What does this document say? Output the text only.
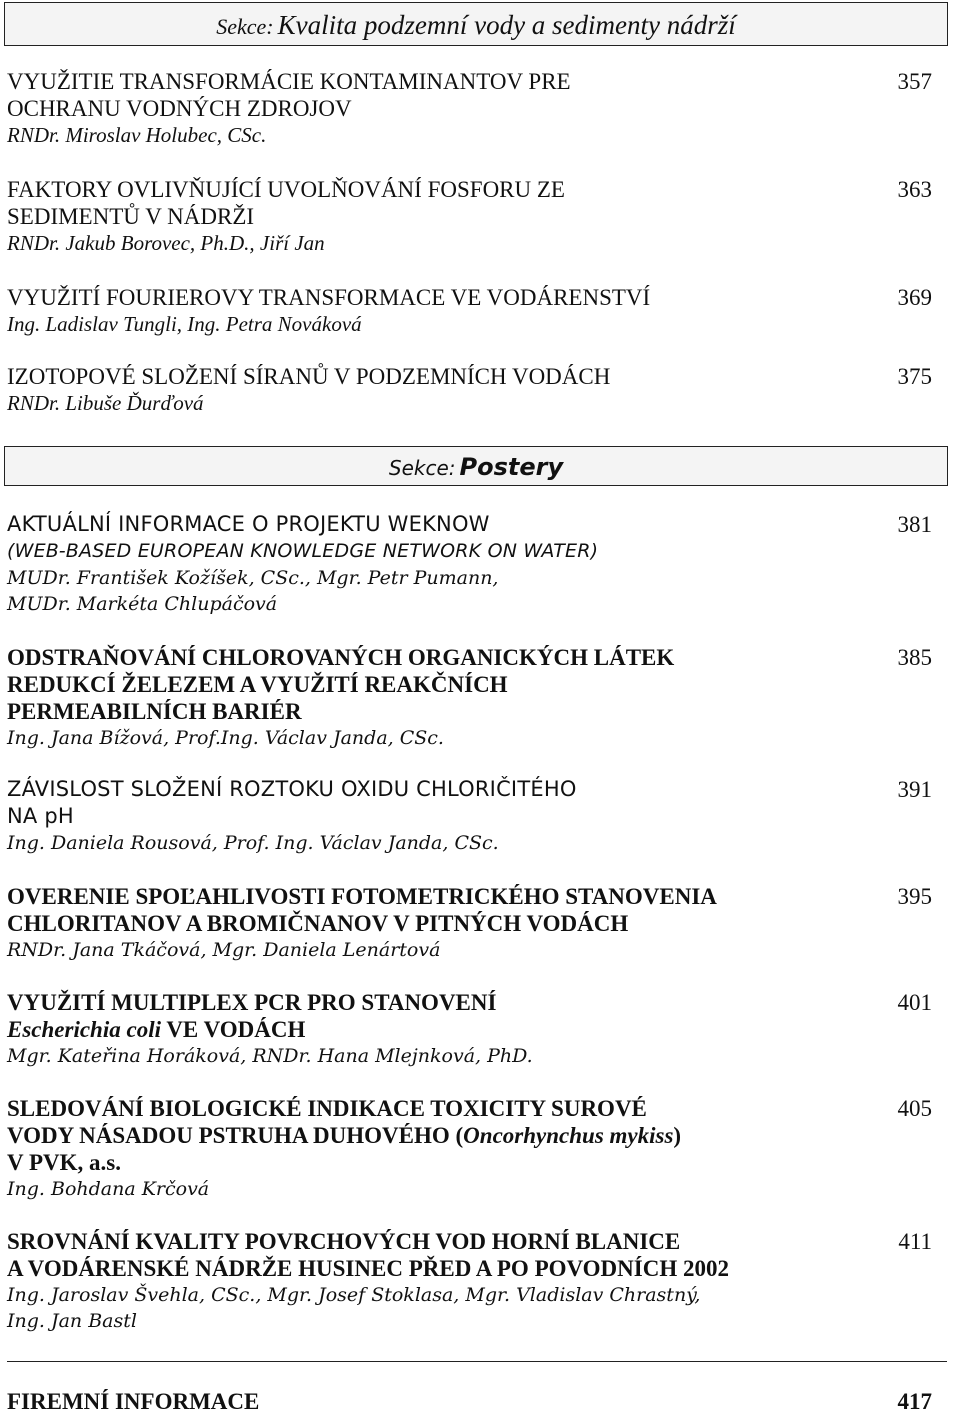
Sekce: Kvalita podzemní vody a sedimenty nádrží
VYUŽITIE TRANSFORMÁCIE KONTAMINANTOV PRE
OCHRANU VODNÝCH ZDROJOV
RNDr. Miroslav Holubec, CSc.
357
FAKTORY OVLIVŇUJÍCÍ UVOLŇOVÁNÍ FOSFORU ZE
SEDIMENTŮ V NÁDRŽI
RNDr. Jakub Borovec, Ph.D., Jiří Jan
363
VYUŽITÍ FOURIEROVY TRANSFORMACE VE VODÁRENSTVÍ
Ing. Ladislav Tungli, Ing. Petra Nováková
369
IZOTOPOVÉ SLOŽENÍ SÍRANŮ V PODZEMNÍCH VODÁCH
RNDr. Libuše Ďurďová
375
Sekce: Postery
AKTUÁLNÍ INFORMACE O PROJEKTU WEKNOW
(WEB-BASED EUROPEAN KNOWLEDGE NETWORK ON WATER)
MUDr. František Kožíšek, CSc., Mgr. Petr Pumann,
MUDr. Markéta Chlupáčová
381
ODSTRAŇOVÁNÍ CHLOROVANÝCH ORGANICKÝCH LÁTEK
REDUKCÍ ŽELEZEM A VYUŽITÍ REAKČNÍCH
PERMEABILNÍCH BARIÉR
Ing. Jana Bížová, Prof.Ing. Václav Janda, CSc.
385
ZÁVISLOST SLOŽENÍ ROZTOKU OXIDU CHLORIČITÉHO
NA pH
Ing. Daniela Rousová, Prof. Ing. Václav Janda, CSc.
391
OVERENIE SPOĽAHLIVOSTI FOTOMETRICKÉHO STANOVENIA
CHLORITANOV A BROMIČNANOV V PITNÝCH VODÁCH
RNDr. Jana Tkáčová, Mgr. Daniela Lenártová
395
VYUŽITÍ MULTIPLEX PCR PRO STANOVENÍ
Escherichia coli VE VODÁCH
Mgr. Kateřina Horáková, RNDr. Hana Mlejnková, PhD.
401
SLEDOVÁNÍ BIOLOGICKÉ INDIKACE TOXICITY SUROVÉ
VODY NÁSADOU PSTRUHA DUHOVÉHO (Oncorhynchus mykiss)
V PVK, a.s.
Ing. Bohdana Krčová
405
SROVNÁNÍ KVALITY POVRCHOVÝCH VOD HORNÍ BLANICE
A VODÁRENSKÉ NÁDRŽE HUSINEC PŘED A PO POVODNÍCH 2002
Ing. Jaroslav Švehla, CSc., Mgr. Josef Stoklasa, Mgr. Vladislav Chrastný,
Ing. Jan Bastl
411
FIREMNÍ INFORMACE	417
